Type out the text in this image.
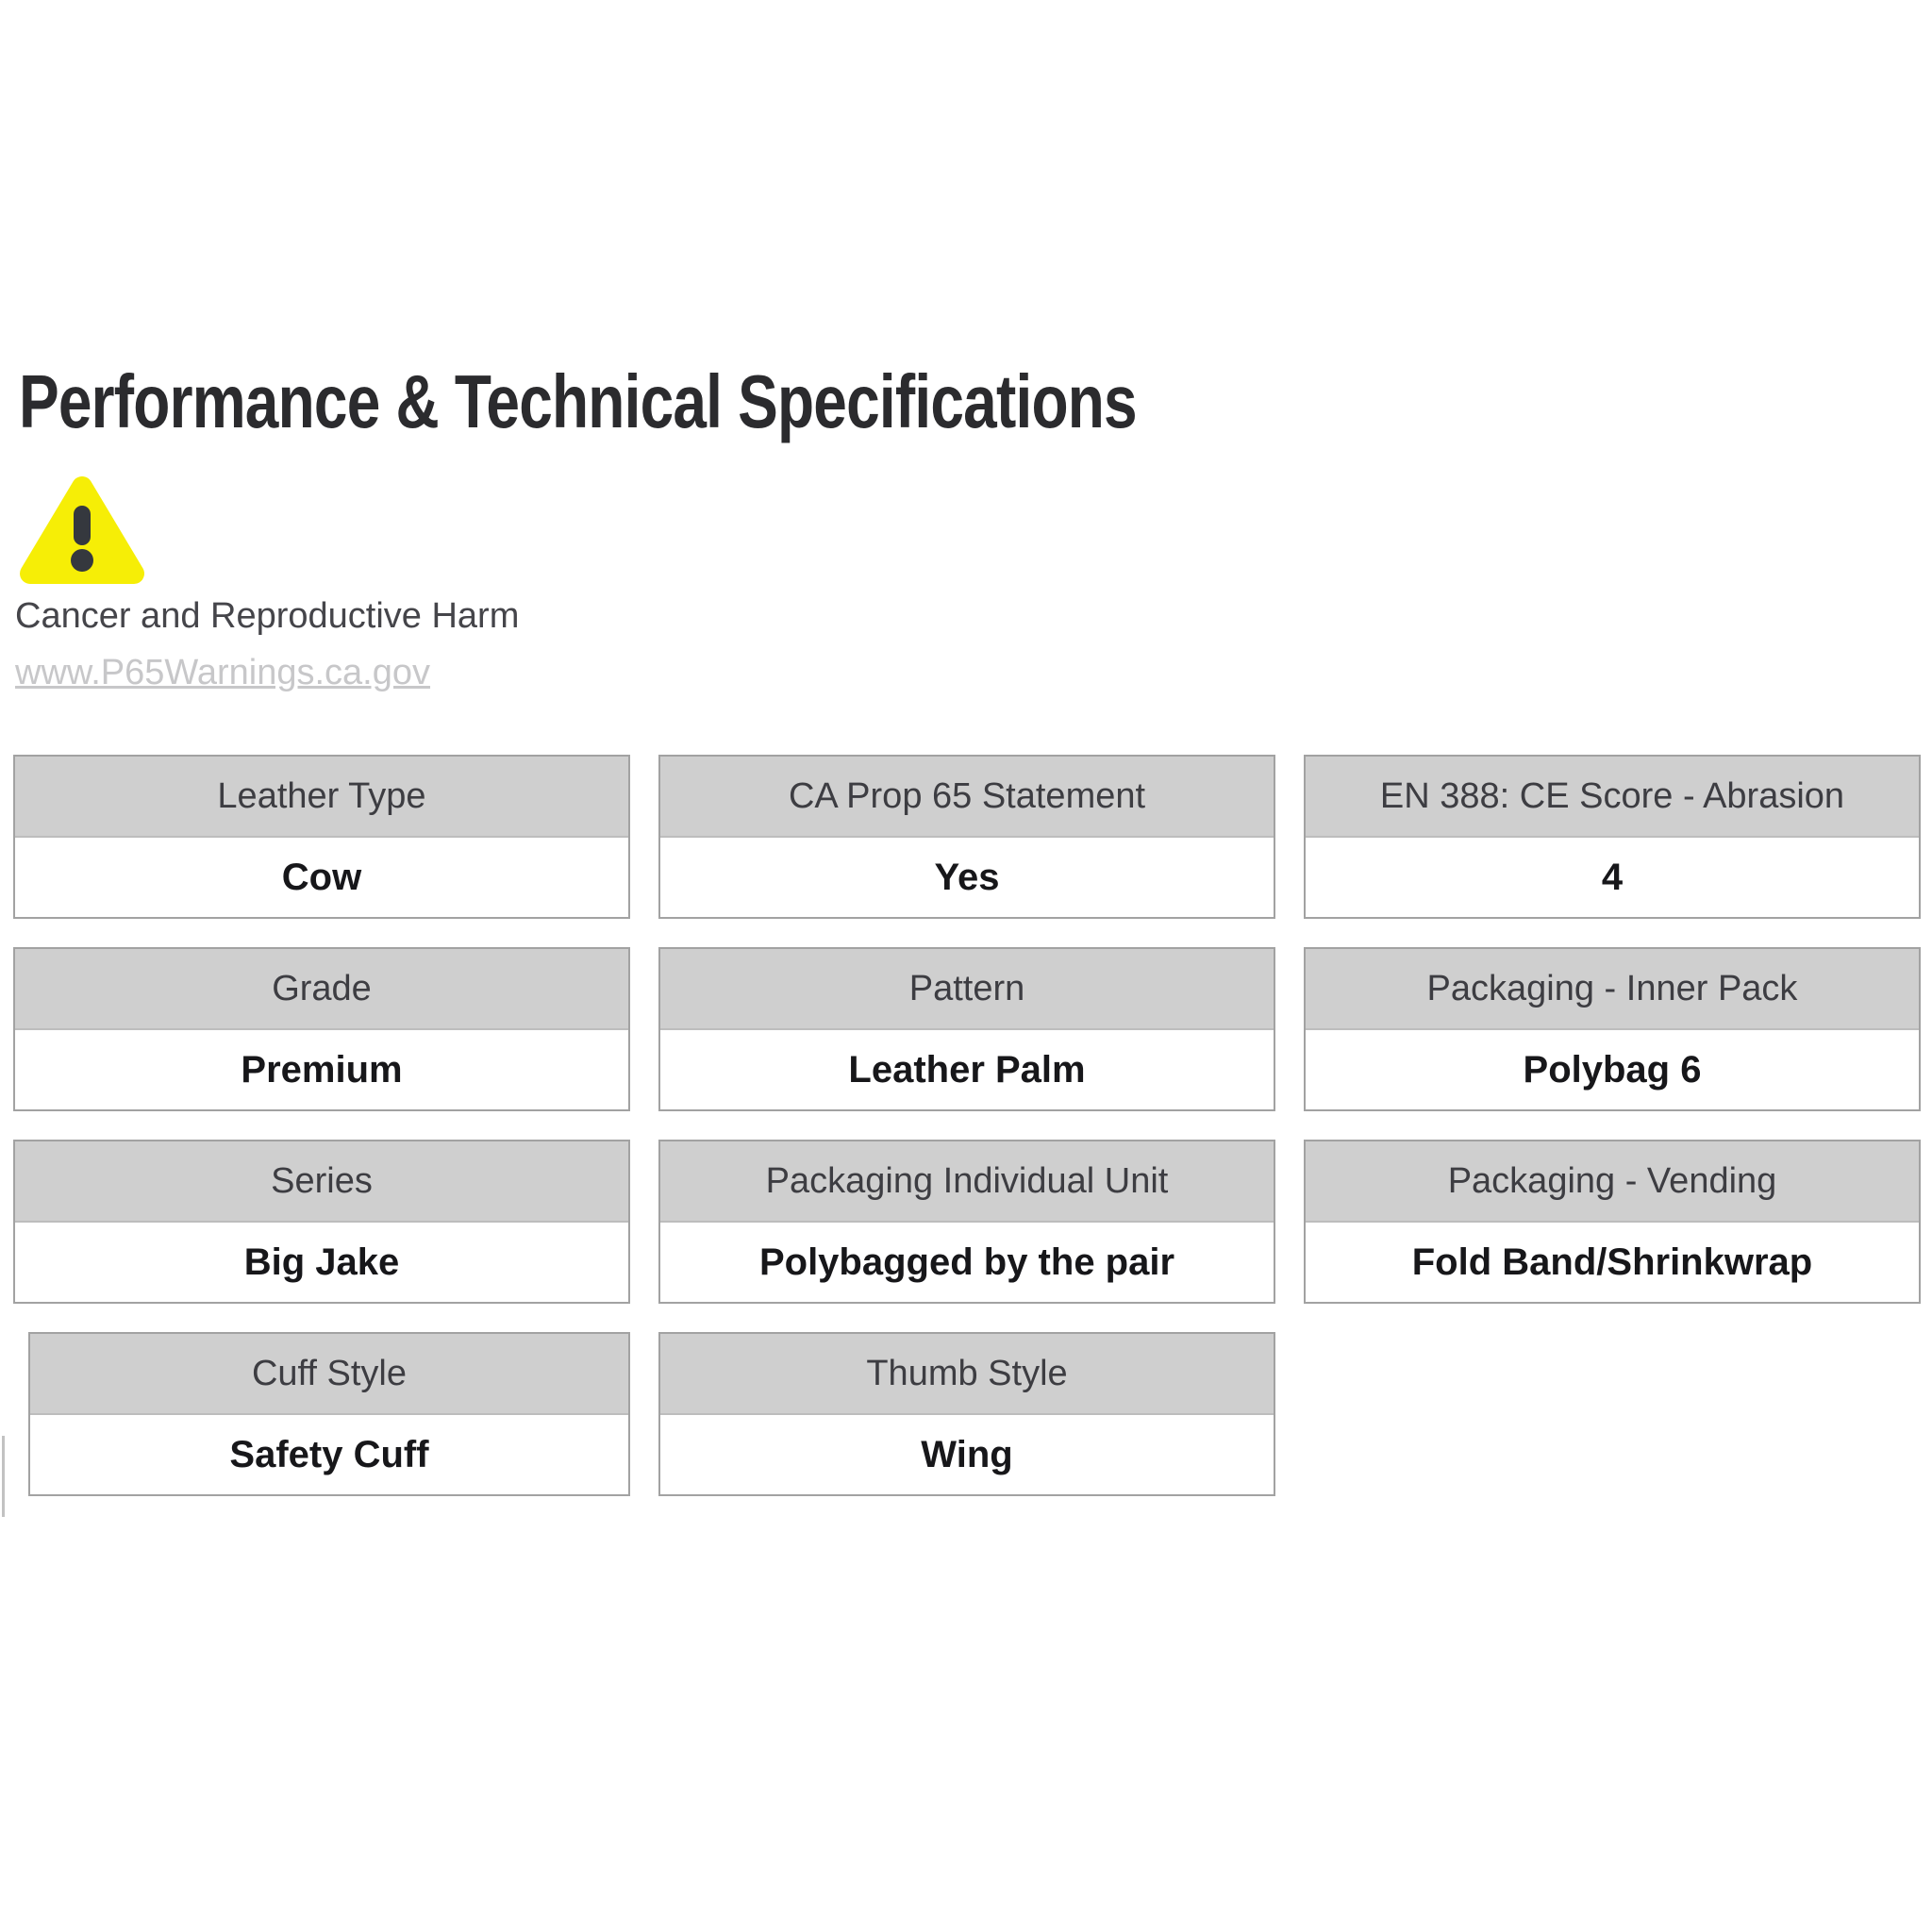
Performance & Technical Specifications

Cancer and Reproductive Harm

www.P65Warnings.ca.gov
Leather Type
Cow
CA Prop 65 Statement
Yes
EN 388: CE Score - Abrasion
4
Grade
Premium
Pattern
Leather Palm
Packaging - Inner Pack
Polybag 6
Series
Big Jake
Packaging Individual Unit
Polybagged by the pair
Packaging - Vending
Fold Band/Shrinkwrap
Cuff Style
Safety Cuff
Thumb Style
Wing
